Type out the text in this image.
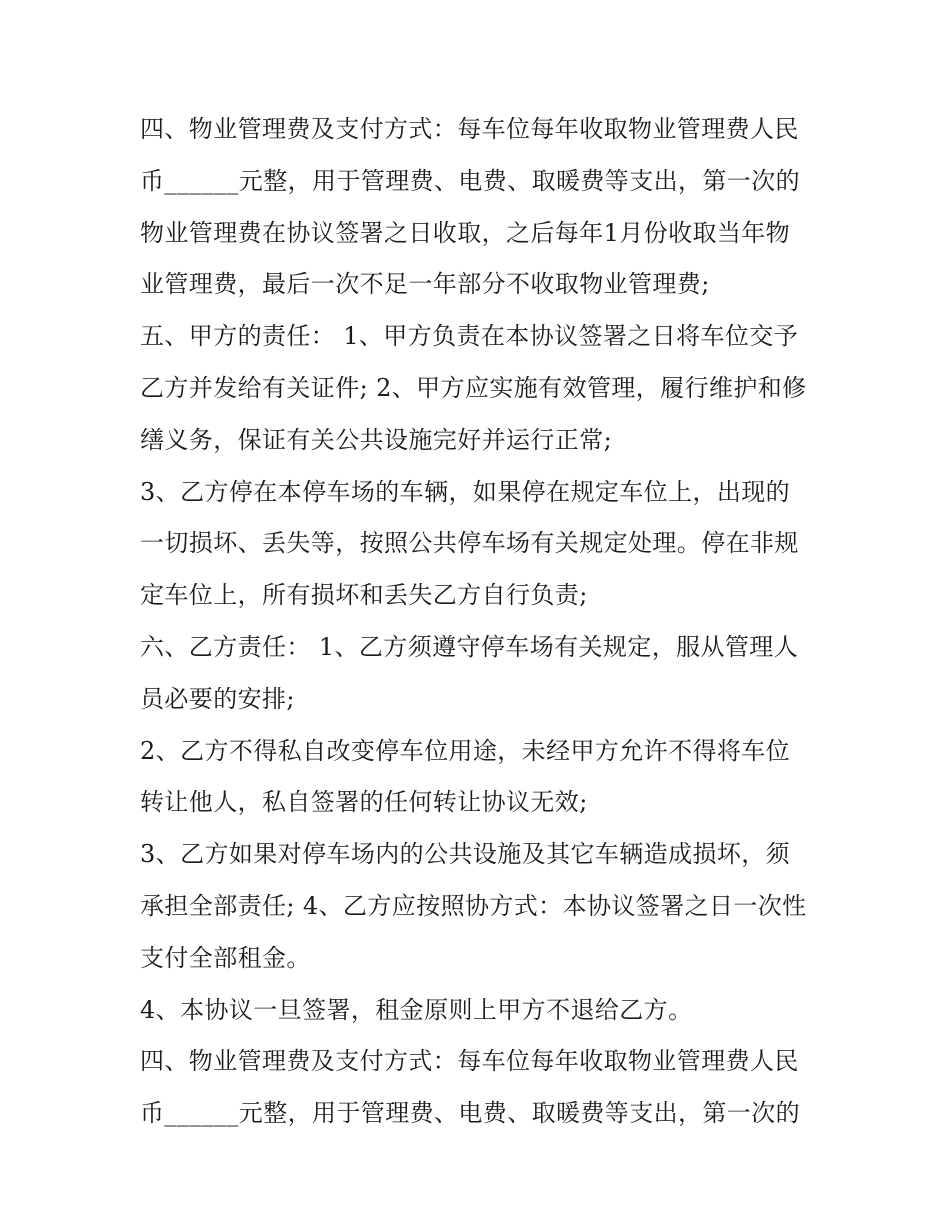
四、物业管理费及支付方式：每车位每年收取物业管理费人民
币______元整，用于管理费、电费、取暖费等支出，第一次的
物业管理费在协议签署之日收取，之后每年1月份收取当年物
业管理费，最后一次不足一年部分不收取物业管理费;
五、甲方的责任： 1、甲方负责在本协议签署之日将车位交予
乙方并发给有关证件; 2、甲方应实施有效管理，履行维护和修
缮义务，保证有关公共设施完好并运行正常;
3、乙方停在本停车场的车辆，如果停在规定车位上，出现的
一切损坏、丢失等，按照公共停车场有关规定处理。停在非规
定车位上，所有损坏和丢失乙方自行负责;
六、乙方责任： 1、乙方须遵守停车场有关规定，服从管理人
员必要的安排;
2、乙方不得私自改变停车位用途，未经甲方允许不得将车位
转让他人，私自签署的任何转让协议无效;
3、乙方如果对停车场内的公共设施及其它车辆造成损坏，须
承担全部责任; 4、乙方应按照协方式：本协议签署之日一次性
支付全部租金。
4、本协议一旦签署，租金原则上甲方不退给乙方。
四、物业管理费及支付方式：每车位每年收取物业管理费人民
币______元整，用于管理费、电费、取暖费等支出，第一次的
